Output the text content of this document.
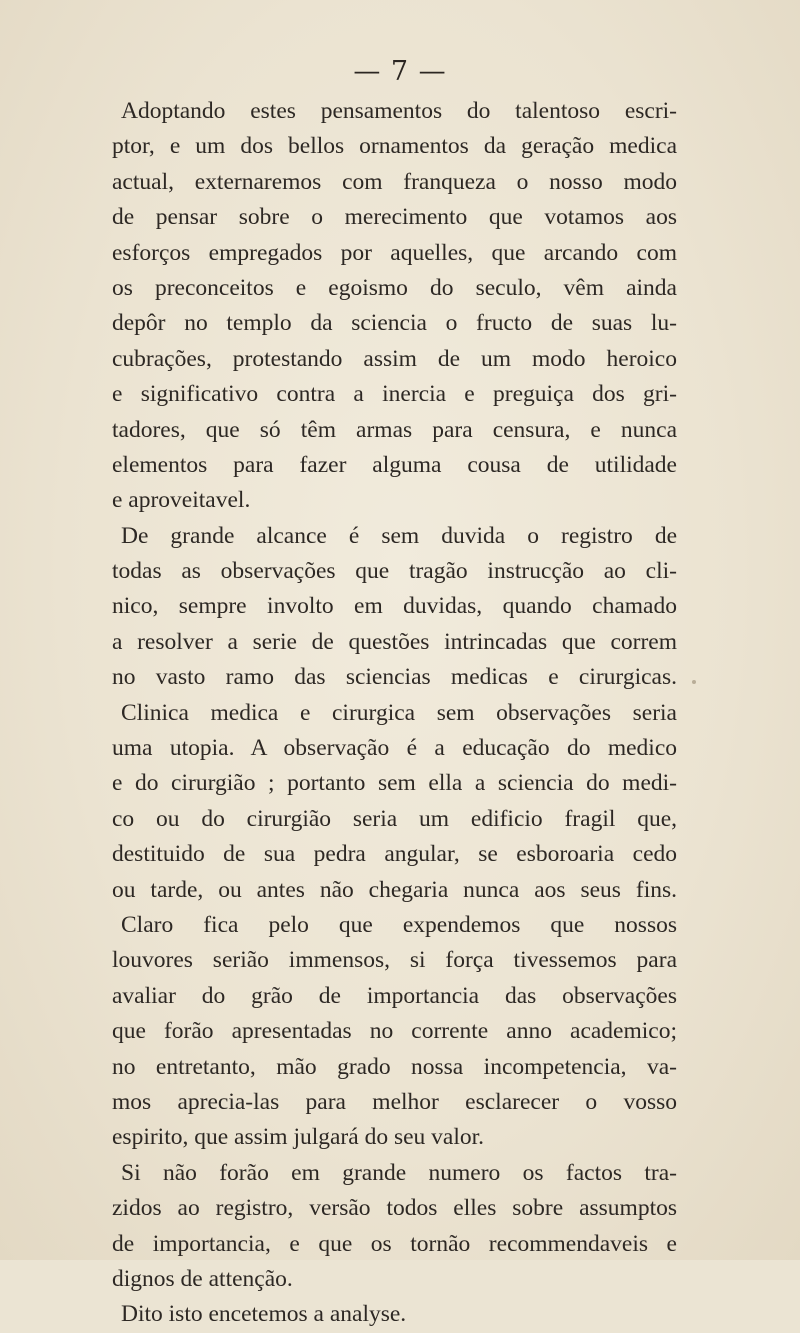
— 7 —
Adoptando estes pensamentos do talentoso escri-
ptor, e um dos bellos ornamentos da geração medica
actual, externaremos com franqueza o nosso modo
de pensar sobre o merecimento que votamos aos
esforços empregados por aquelles, que arcando com
os preconceitos e egoismo do seculo, vêm ainda
depôr no templo da sciencia o fructo de suas lu-
cubrações, protestando assim de um modo heroico
e significativo contra a inercia e preguiça dos gri-
tadores, que só têm armas para censura, e nunca
elementos para fazer alguma cousa de utilidade
e aproveitavel.
De grande alcance é sem duvida o registro de
todas as observações que tragão instrucção ao cli-
nico, sempre involto em duvidas, quando chamado
a resolver a serie de questões intrincadas que correm
no vasto ramo das sciencias medicas e cirurgicas.
Clinica medica e cirurgica sem observações seria
uma utopia. A observação é a educação do medico
e do cirurgião ; portanto sem ella a sciencia do medi-
co ou do cirurgião seria um edificio fragil que,
destituido de sua pedra angular, se esboroaria cedo
ou tarde, ou antes não chegaria nunca aos seus fins.
Claro fica pelo que expendemos que nossos
louvores serião immensos, si força tivessemos para
avaliar do grão de importancia das observações
que forão apresentadas no corrente anno academico;
no entretanto, mão grado nossa incompetencia, va-
mos aprecia-las para melhor esclarecer o vosso
espirito, que assim julgará do seu valor.
Si não forão em grande numero os factos tra-
zidos ao registro, versão todos elles sobre assumptos
de importancia, e que os tornão recommendaveis e
dignos de attenção.
Dito isto encetemos a analyse.
